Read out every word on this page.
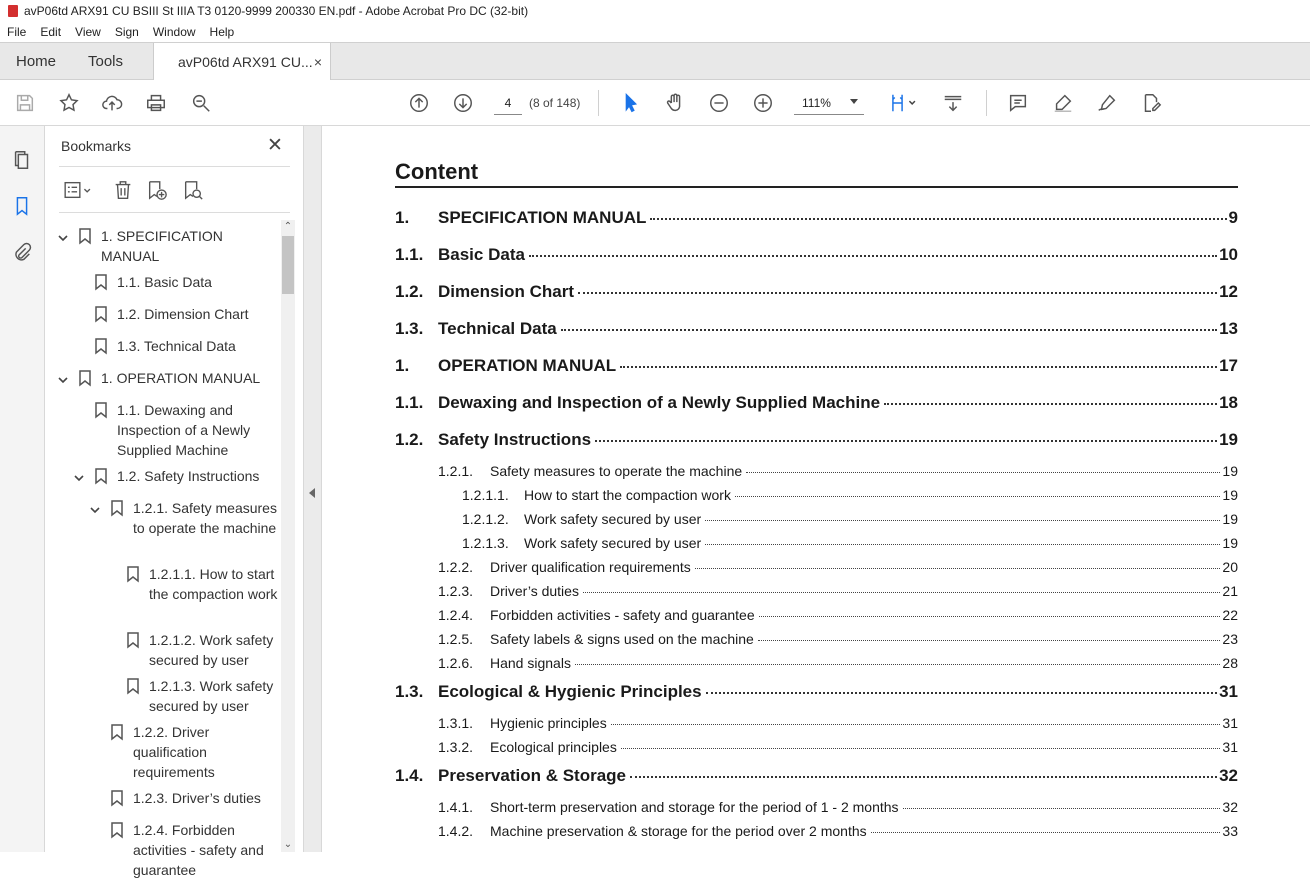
avP06td ARX91 CU BSIII St IIIA T3 0120-9999 200330 EN.pdf - Adobe Acrobat Pro DC (32-bit)
File	Edit	View	Sign	Window	Help
Home Tools	avP06td ARX91 CU... ×
4	(8 of 148)	111%
Bookmarks	✕
1. SPECIFICATION MANUAL
1.1. Basic Data
1.2. Dimension Chart
1.3. Technical Data
1. OPERATION MANUAL
1.1. Dewaxing and Inspection of a Newly Supplied Machine
1.2. Safety Instructions
1.2.1. Safety measures to operate the machine
1.2.1.1. How to start the compaction work
1.2.1.2. Work safety secured by user
1.2.1.3. Work safety secured by user
1.2.2. Driver qualification requirements
1.2.3. Driver’s duties
1.2.4. Forbidden activities - safety and guarantee
⌃
⌄
Content
1.	SPECIFICATION MANUAL	9
1.1. Basic Data	10
1.2. Dimension Chart	12
1.3. Technical Data	13
1.	OPERATION MANUAL	17
1.1. Dewaxing and Inspection of a Newly Supplied Machine	18
1.2. Safety Instructions	19
1.2.1.	Safety measures to operate the machine	19
1.2.1.1.	How to start the compaction work	19
1.2.1.2.	Work safety secured by user	19
1.2.1.3.	Work safety secured by user	19
1.2.2.	Driver qualification requirements	20
1.2.3.	Driver’s duties	21
1.2.4.	Forbidden activities - safety and guarantee	22
1.2.5.	Safety labels & signs used on the machine	23
1.2.6.	Hand signals	28
1.3. Ecological & Hygienic Principles	31
1.3.1.	Hygienic principles	31
1.3.2.	Ecological principles	31
1.4. Preservation & Storage	32
1.4.1.	Short-term preservation and storage for the period of 1 - 2 months	32
1.4.2.	Machine preservation & storage for the period over 2 months	33
